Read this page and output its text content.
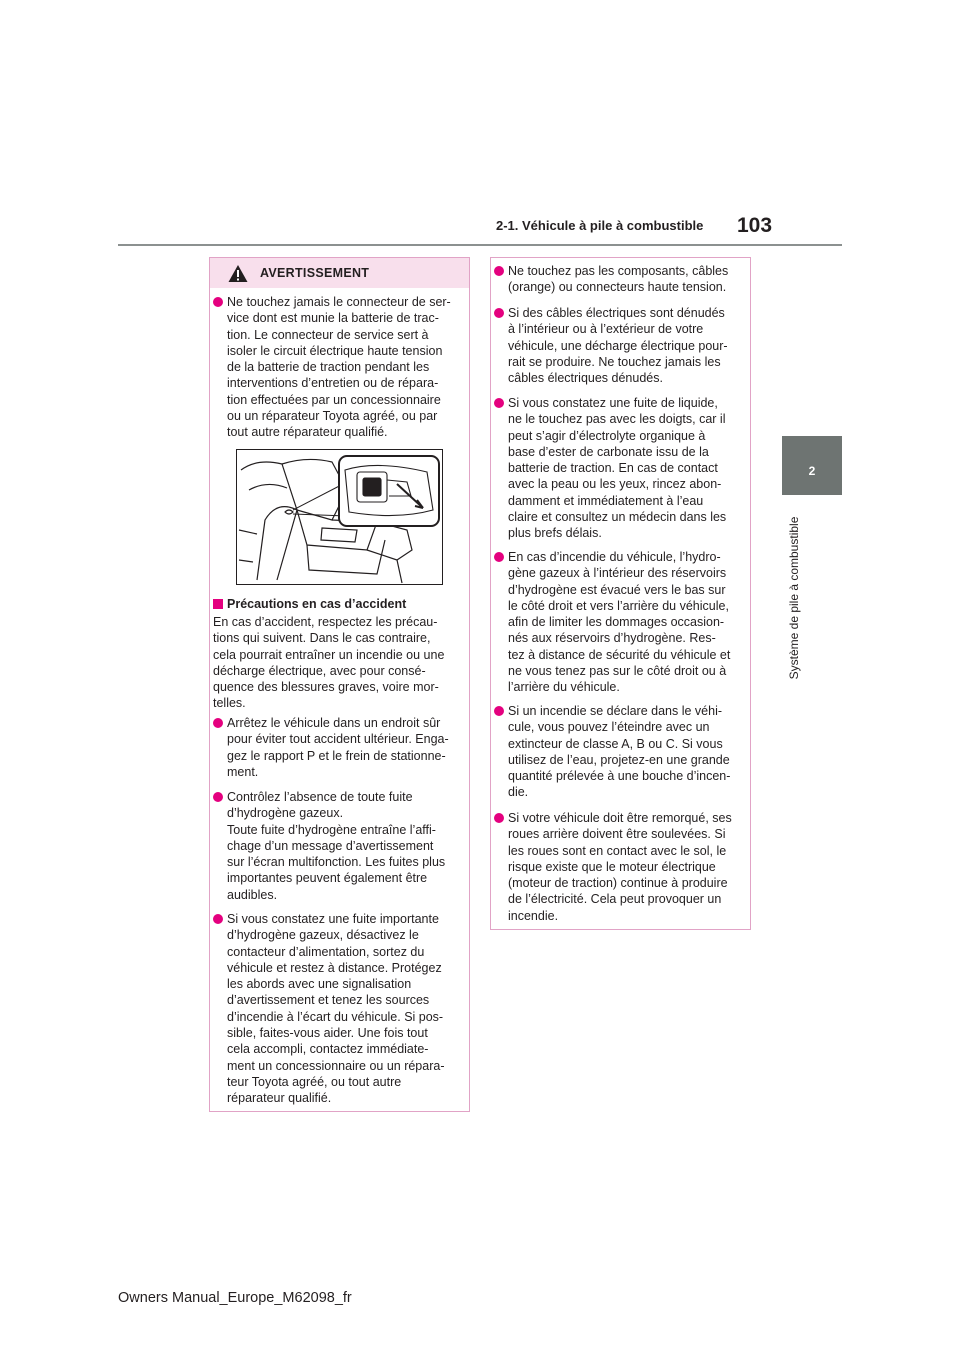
2-1. Véhicule à pile à combustible 103
2
Système de pile à combustible
AVERTISSEMENT
Ne touchez jamais le connecteur de ser-
vice dont est munie la batterie de trac-
tion. Le connecteur de service sert à
isoler le circuit électrique haute tension
de la batterie de traction pendant les
interventions d’entretien ou de répara-
tion effectuées par un concessionnaire
ou un réparateur Toyota agréé, ou par
tout autre réparateur qualifié.
Précautions en cas d’accident
En cas d’accident, respectez les précau-
tions qui suivent. Dans le cas contraire,
cela pourrait entraîner un incendie ou une
décharge électrique, avec pour consé-
quence des blessures graves, voire mor-
telles.
Arrêtez le véhicule dans un endroit sûr
pour éviter tout accident ultérieur. Enga-
gez le rapport P et le frein de stationne-
ment.
Contrôlez l’absence de toute fuite
d’hydrogène gazeux.
Toute fuite d’hydrogène entraîne l’affi-
chage d’un message d’avertissement
sur l’écran multifonction. Les fuites plus
importantes peuvent également être
audibles.
Si vous constatez une fuite importante
d’hydrogène gazeux, désactivez le
contacteur d’alimentation, sortez du
véhicule et restez à distance. Protégez
les abords avec une signalisation
d’avertissement et tenez les sources
d’incendie à l’écart du véhicule. Si pos-
sible, faites-vous aider. Une fois tout
cela accompli, contactez immédiate-
ment un concessionnaire ou un répara-
teur Toyota agréé, ou tout autre
réparateur qualifié.
Ne touchez pas les composants, câbles
(orange) ou connecteurs haute tension.
Si des câbles électriques sont dénudés
à l’intérieur ou à l’extérieur de votre
véhicule, une décharge électrique pour-
rait se produire. Ne touchez jamais les
câbles électriques dénudés.
Si vous constatez une fuite de liquide,
ne le touchez pas avec les doigts, car il
peut s’agir d’électrolyte organique à
base d’ester de carbonate issu de la
batterie de traction. En cas de contact
avec la peau ou les yeux, rincez abon-
damment et immédiatement à l’eau
claire et consultez un médecin dans les
plus brefs délais.
En cas d’incendie du véhicule, l’hydro-
gène gazeux à l’intérieur des réservoirs
d’hydrogène est évacué vers le bas sur
le côté droit et vers l’arrière du véhicule,
afin de limiter les dommages occasion-
nés aux réservoirs d’hydrogène. Res-
tez à distance de sécurité du véhicule et
ne vous tenez pas sur le côté droit ou à
l’arrière du véhicule.
Si un incendie se déclare dans le véhi-
cule, vous pouvez l’éteindre avec un
extincteur de classe A, B ou C. Si vous
utilisez de l’eau, projetez-en une grande
quantité prélevée à une bouche d’incen-
die.
Si votre véhicule doit être remorqué, ses
roues arrière doivent être soulevées. Si
les roues sont en contact avec le sol, le
risque existe que le moteur électrique
(moteur de traction) continue à produire
de l’électricité. Cela peut provoquer un
incendie.
Owners Manual_Europe_M62098_fr
